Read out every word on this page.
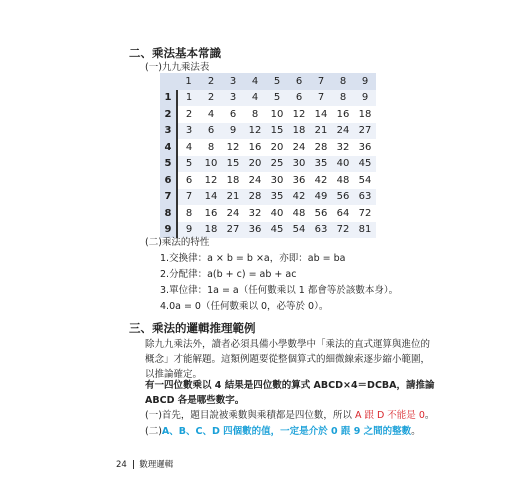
二、乘法基本常識
(一)九九乘法表
	1	2	3	4	5	6	7	8	9
1	1	2	3	4	5	6	7	8	9
2	2	4	6	8	10	12	14	16	18
3	3	6	9	12	15	18	21	24	27
4	4	8	12	16	20	24	28	32	36
5	5	10	15	20	25	30	35	40	45
6	6	12	18	24	30	36	42	48	54
7	7	14	21	28	35	42	49	56	63
8	8	16	24	32	40	48	56	64	72
9	9	18	27	36	45	54	63	72	81
(二)乘法的特性
1.交換律：a × b = b ×a，亦即：ab = ba
2.分配律：a(b + c) = ab + ac
3.單位律：1a = a（任何數乘以 1 都會等於該數本身）。
4.0a = 0（任何數乘以 0，必等於 0）。
三、乘法的邏輯推理範例
除九九乘法外，讀者必須具備小學數學中「乘法的直式運算與進位的
概念」才能解題。這類例題要從整個算式的細微線索逐步縮小範圍，
以推論確定。
有一四位數乘以 4 結果是四位數的算式 ABCD×4＝DCBA，請推論
ABCD 各是哪些數字。
(一)首先，題目說被乘數與乘積都是四位數，所以 A 跟 D 不能是 0。
(二)A、B、C、D 四個數的值，一定是介於 0 跟 9 之間的整數。
24 數理邏輯
